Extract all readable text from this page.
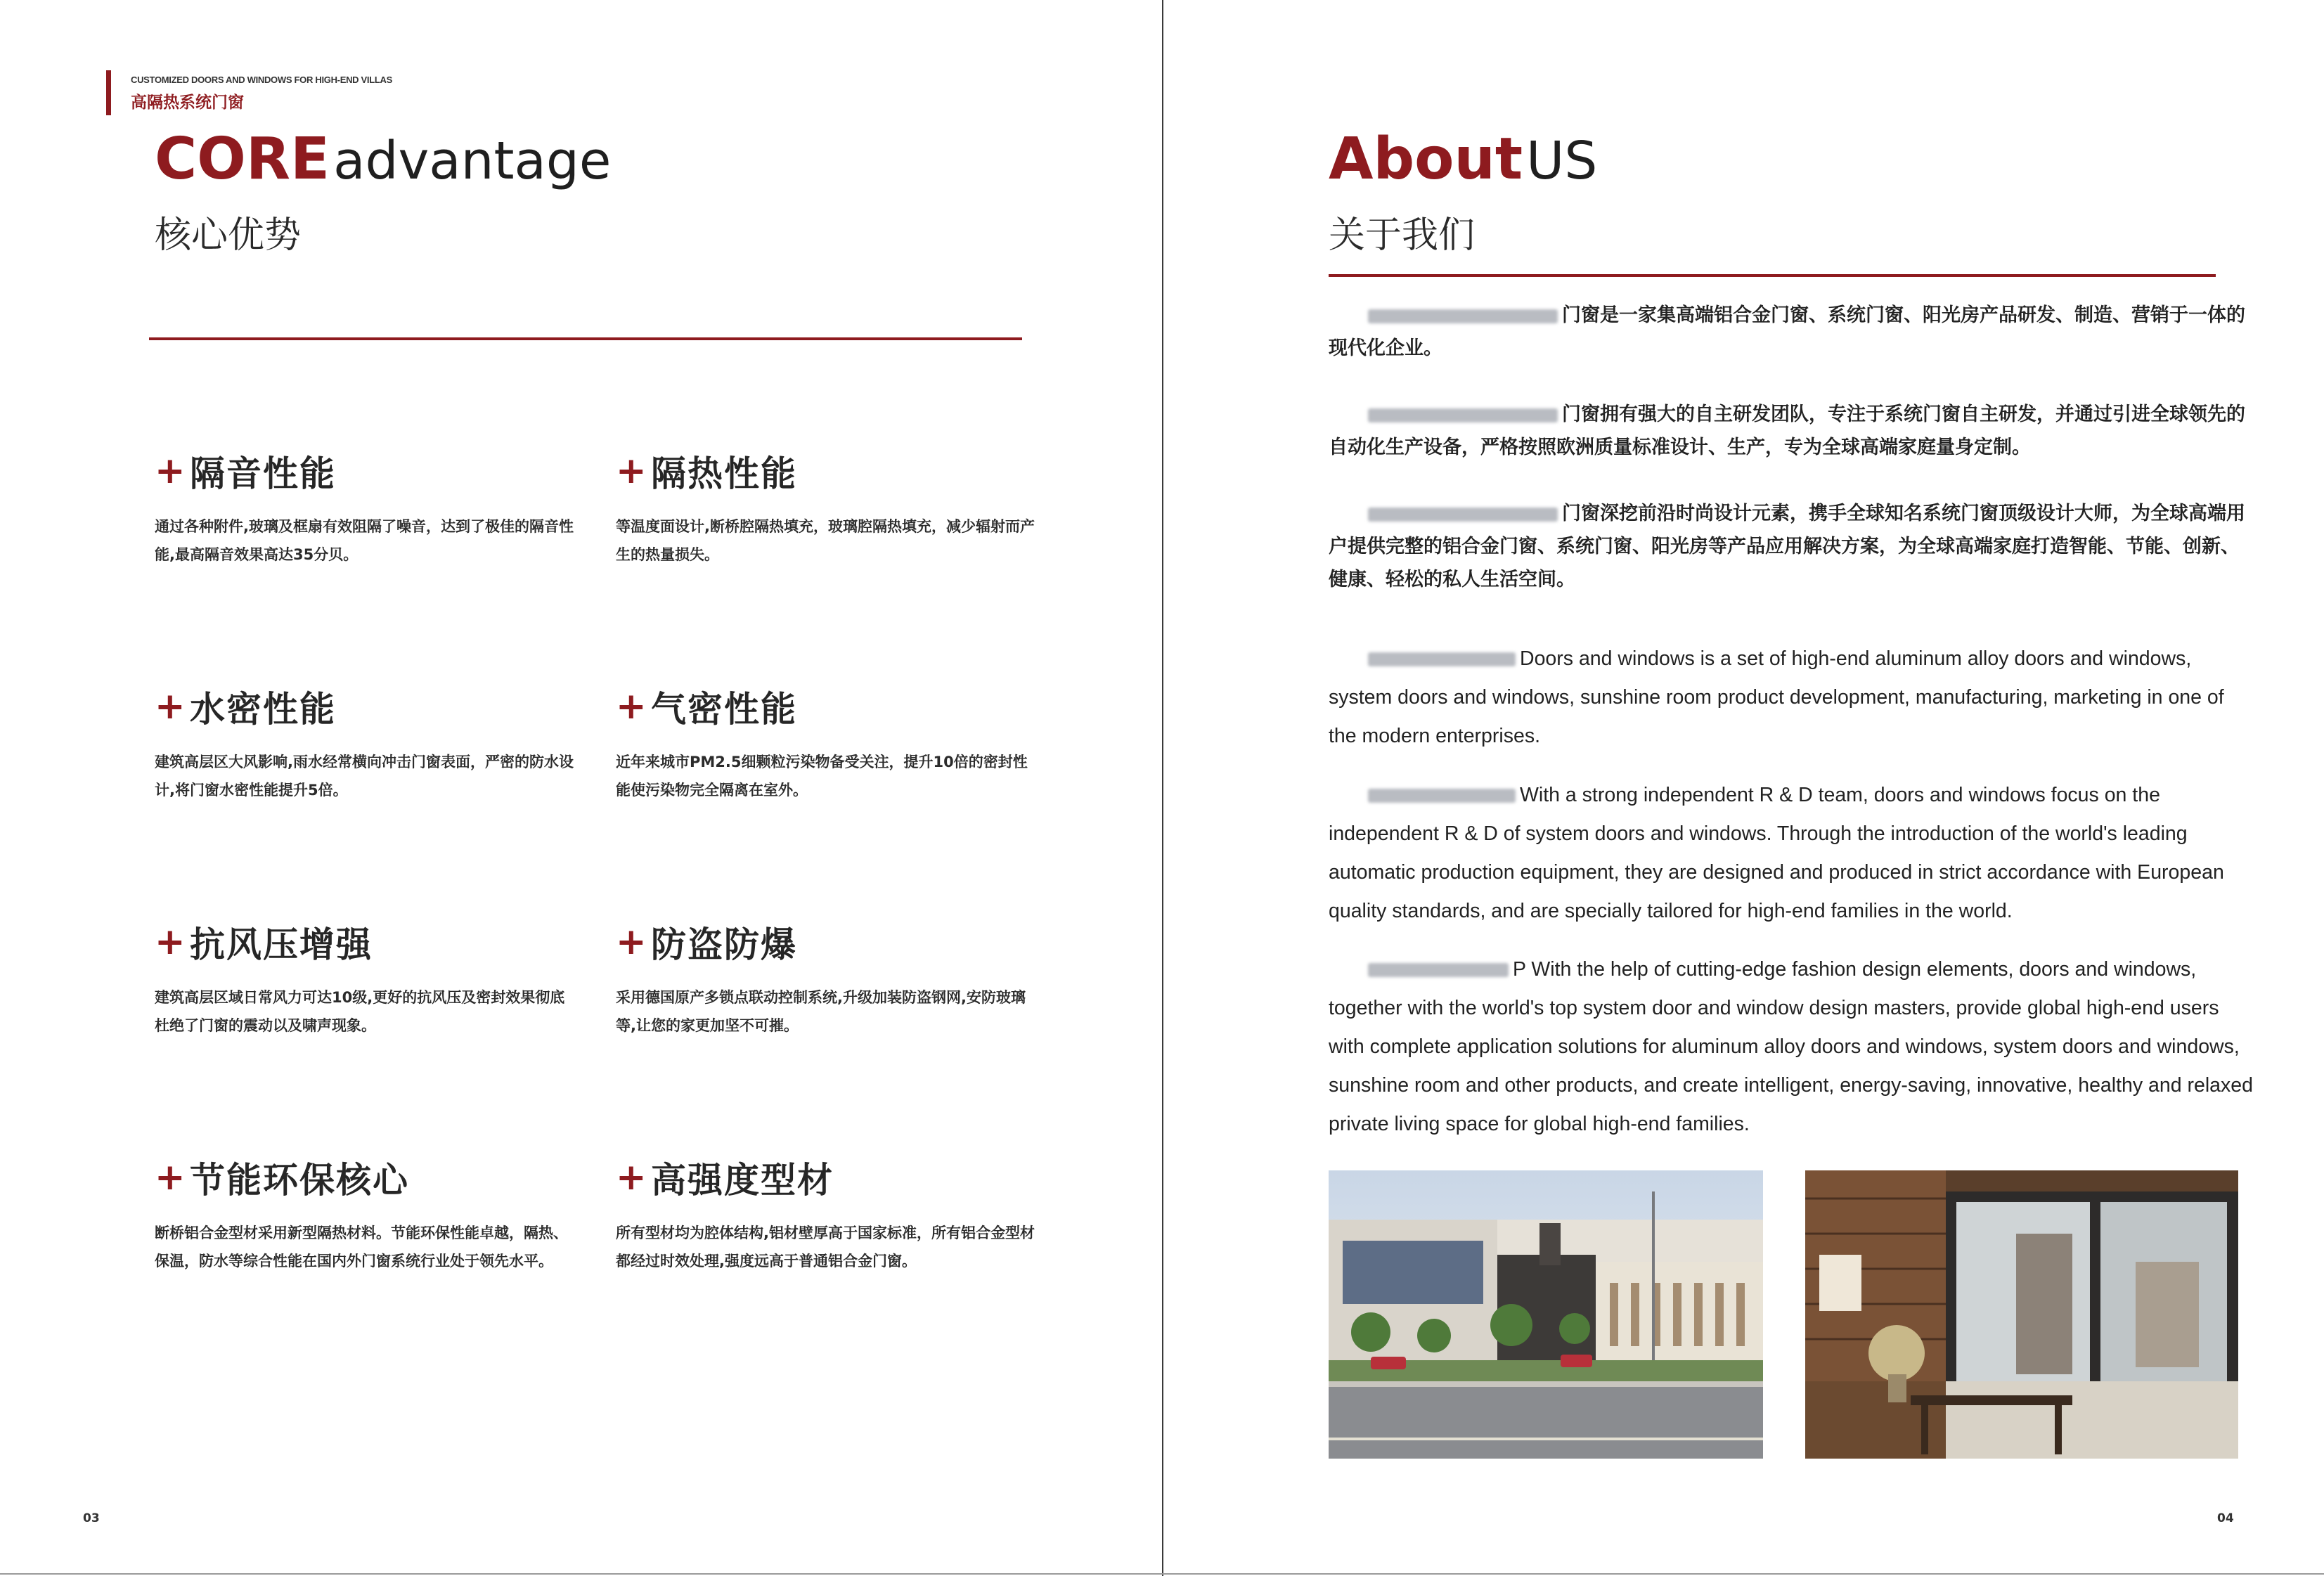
CUSTOMIZED DOORS AND WINDOWS FOR HIGH-END VILLAS
高隔热系统门窗
CORE advantage
核心优势
+ 隔音性能
通过各种附件,玻璃及框扇有效阻隔了噪音，达到了极佳的隔音性能,最高隔音效果高达35分贝。
+ 隔热性能
等温度面设计,断桥腔隔热填充，玻璃腔隔热填充，减少辐射而产生的热量损失。
+ 水密性能
建筑高层区大风影响,雨水经常横向冲击门窗表面，严密的防水设计,将门窗水密性能提升5倍。
+ 气密性能
近年来城市PM2.5细颗粒污染物备受关注，提升10倍的密封性能使污染物完全隔离在室外。
+ 抗风压增强
建筑高层区域日常风力可达10级,更好的抗风压及密封效果彻底杜绝了门窗的震动以及啸声现象。
+ 防盗防爆
采用德国原产多锁点联动控制系统,升级加装防盗钢网,安防玻璃等,让您的家更加坚不可摧。
+ 节能环保核心
断桥铝合金型材采用新型隔热材料。节能环保性能卓越，隔热、保温，防水等综合性能在国内外门窗系统行业处于领先水平。
+ 高强度型材
所有型材均为腔体结构,铝材壁厚高于国家标准，所有铝合金型材都经过时效处理,强度远高于普通铝合金门窗。
03
About US
关于我们

门窗是一家集高端铝合金门窗、系统门窗、阳光房产品研发、制造、营销于一体的现代化企业。

门窗拥有强大的自主研发团队，专注于系统门窗自主研发，并通过引进全球领先的自动化生产设备，严格按照欧洲质量标准设计、生产，专为全球高端家庭量身定制。

门窗深挖前沿时尚设计元素，携手全球知名系统门窗顶级设计大师，为全球高端用户提供完整的铝合金门窗、系统门窗、阳光房等产品应用解决方案，为全球高端家庭打造智能、节能、创新、健康、轻松的私人生活空间。

Doors and windows is a set of high-end aluminum alloy doors and windows, system doors and windows, sunshine room product development, manufacturing, marketing in one of the modern enterprises.

With a strong independent R & D team, doors and windows focus on the independent R & D of system doors and windows. Through the introduction of the world's leading automatic production equipment, they are designed and produced in strict accordance with European quality standards, and are specially tailored for high-end families in the world.

P With the help of cutting-edge fashion design elements, doors and windows, together with the world's top system door and window design masters, provide global high-end users with complete application solutions for aluminum alloy doors and windows, system doors and windows, sunshine room and other products, and create intelligent, energy-saving, innovative, healthy and relaxed private living space for global high-end families.

04
